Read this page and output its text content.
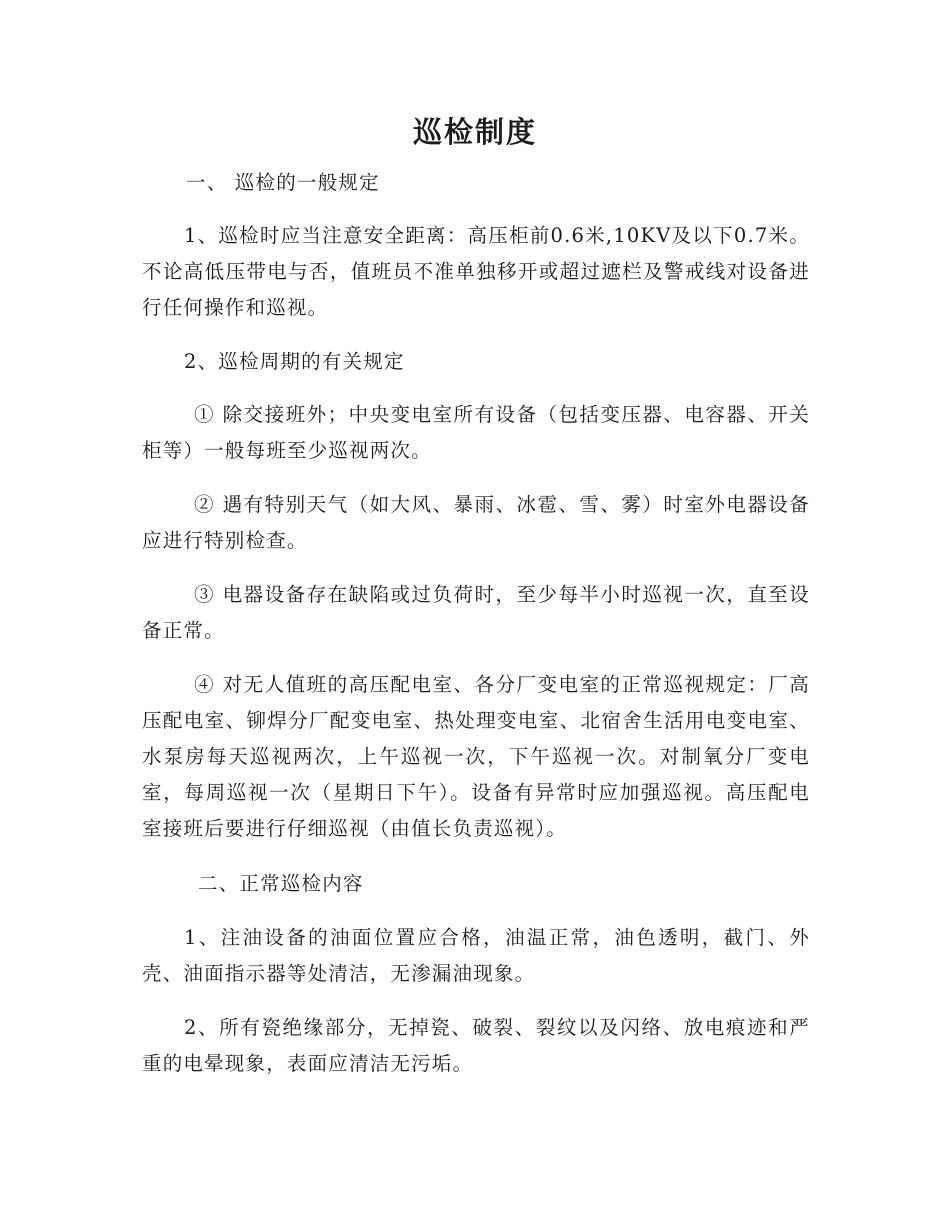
巡检制度

一、 巡检的一般规定

1、巡检时应当注意安全距离：高压柜前0.6米,10KV及以下0.7米。不论高低压带电与否，值班员不准单独移开或超过遮栏及警戒线对设备进行任何操作和巡视。

2、巡检周期的有关规定

① 除交接班外；中央变电室所有设备（包括变压器、电容器、开关柜等）一般每班至少巡视两次。

② 遇有特别天气（如大风、暴雨、冰雹、雪、雾）时室外电器设备应进行特别检查。

③ 电器设备存在缺陷或过负荷时，至少每半小时巡视一次，直至设备正常。

④ 对无人值班的高压配电室、各分厂变电室的正常巡视规定：厂高压配电室、铆焊分厂配变电室、热处理变电室、北宿舍生活用电变电室、水泵房每天巡视两次，上午巡视一次，下午巡视一次。对制氧分厂变电室，每周巡视一次（星期日下午）。设备有异常时应加强巡视。高压配电室接班后要进行仔细巡视（由值长负责巡视）。

二、正常巡检内容

1、注油设备的油面位置应合格，油温正常，油色透明，截门、外壳、油面指示器等处清洁，无渗漏油现象。

2、所有瓷绝缘部分，无掉瓷、破裂、裂纹以及闪络、放电痕迹和严重的电晕现象，表面应清洁无污垢。
